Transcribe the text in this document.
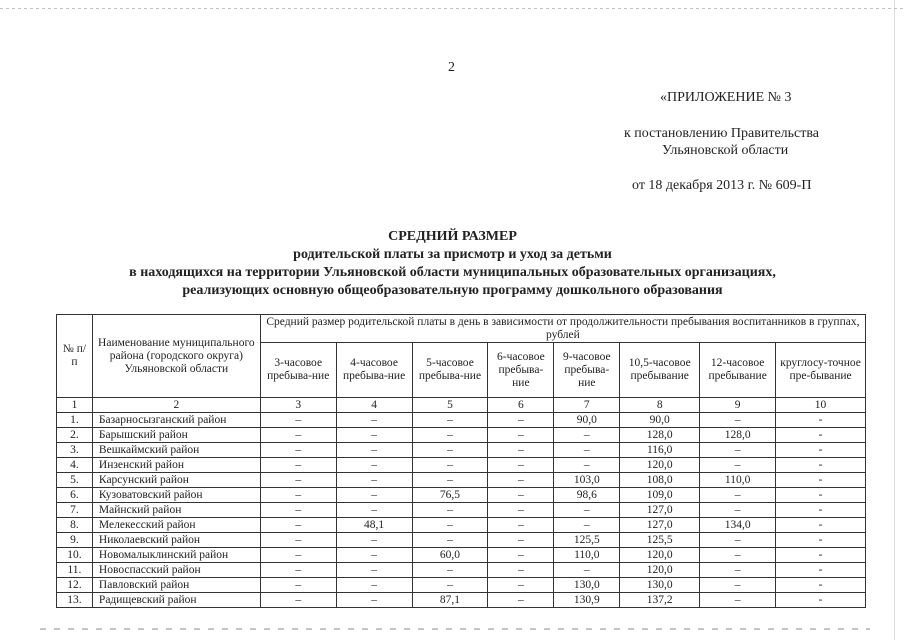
2
«ПРИЛОЖЕНИЕ № 3
к постановлению Правительства
Ульяновской области
от 18 декабря 2013 г. № 609-П
СРЕДНИЙ РАЗМЕР
родительской платы за присмотр и уход за детьми
в находящихся на территории Ульяновской области муниципальных образовательных организациях,
реализующих основную общеобразовательную программу дошкольного образования
№ п/п	Наименование муниципального района (городского округа) Ульяновской области	Средний размер родительской платы в день в зависимости от продолжительности пребывания воспитанников в группах, рублей							
		3-часовое пребыва-ние	4-часовое пребыва-ние	5-часовое пребыва-ние	6-часовое пребыва-ние	9-часовое пребыва-ние	10,5-часовое пребывание	12-часовое пребывание	круглосу-точное пре-бывание
1	2	3	4	5	6	7	8	9	10
1.	Базарносызганский район	–	–	–	–	90,0	90,0	–	-
2.	Барышский район	–	–	–	–	–	128,0	128,0	-
3.	Вешкаймский район	–	–	–	–	–	116,0	–	-
4.	Инзенский район	–	–	–	–	–	120,0	–	-
5.	Карсунский район	–	–	–	–	103,0	108,0	110,0	-
6.	Кузоватовский район	–	–	76,5	–	98,6	109,0	–	-
7.	Майнский район	–	–	–	–	–	127,0	–	-
8.	Мелекесский район	–	48,1	–	–	–	127,0	134,0	-
9.	Николаевский район	–	–	–	–	125,5	125,5	–	-
10.	Новомалыклинский район	–	–	60,0	–	110,0	120,0	–	-
11.	Новоспасский район	–	–	–	–	–	120,0	–	-
12.	Павловский район	–	–	–	–	130,0	130,0	–	-
13.	Радищевский район	–	–	87,1	–	130,9	137,2	–	-
